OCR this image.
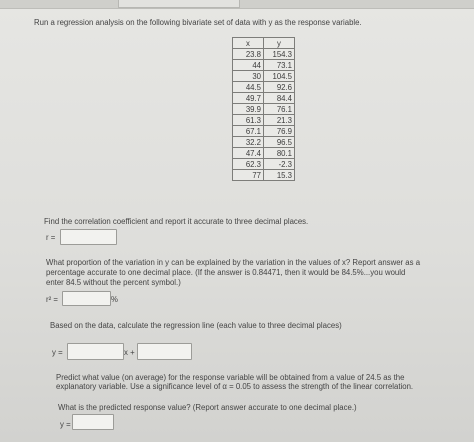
Run a regression analysis on the following bivariate set of data with y as the response variable.
x	y
23.8	154.3
44	73.1
30	104.5
44.5	92.6
49.7	84.4
39.9	76.1
61.3	21.3
67.1	76.9
32.2	96.5
47.4	80.1
62.3	-2.3
77	15.3
Find the correlation coefficient and report it accurate to three decimal places.
r =
What proportion of the variation in y can be explained by the variation in the values of x? Report answer as a
percentage accurate to one decimal place. (If the answer is 0.84471, then it would be 84.5%...you would
enter 84.5 without the percent symbol.)
r² =	%
Based on the data, calculate the regression line (each value to three decimal places)
y =	x +
Predict what value (on average) for the response variable will be obtained from a value of 24.5 as the
explanatory variable. Use a significance level of α = 0.05 to assess the strength of the linear correlation.
What is the predicted response value? (Report answer accurate to one decimal place.)
y =
